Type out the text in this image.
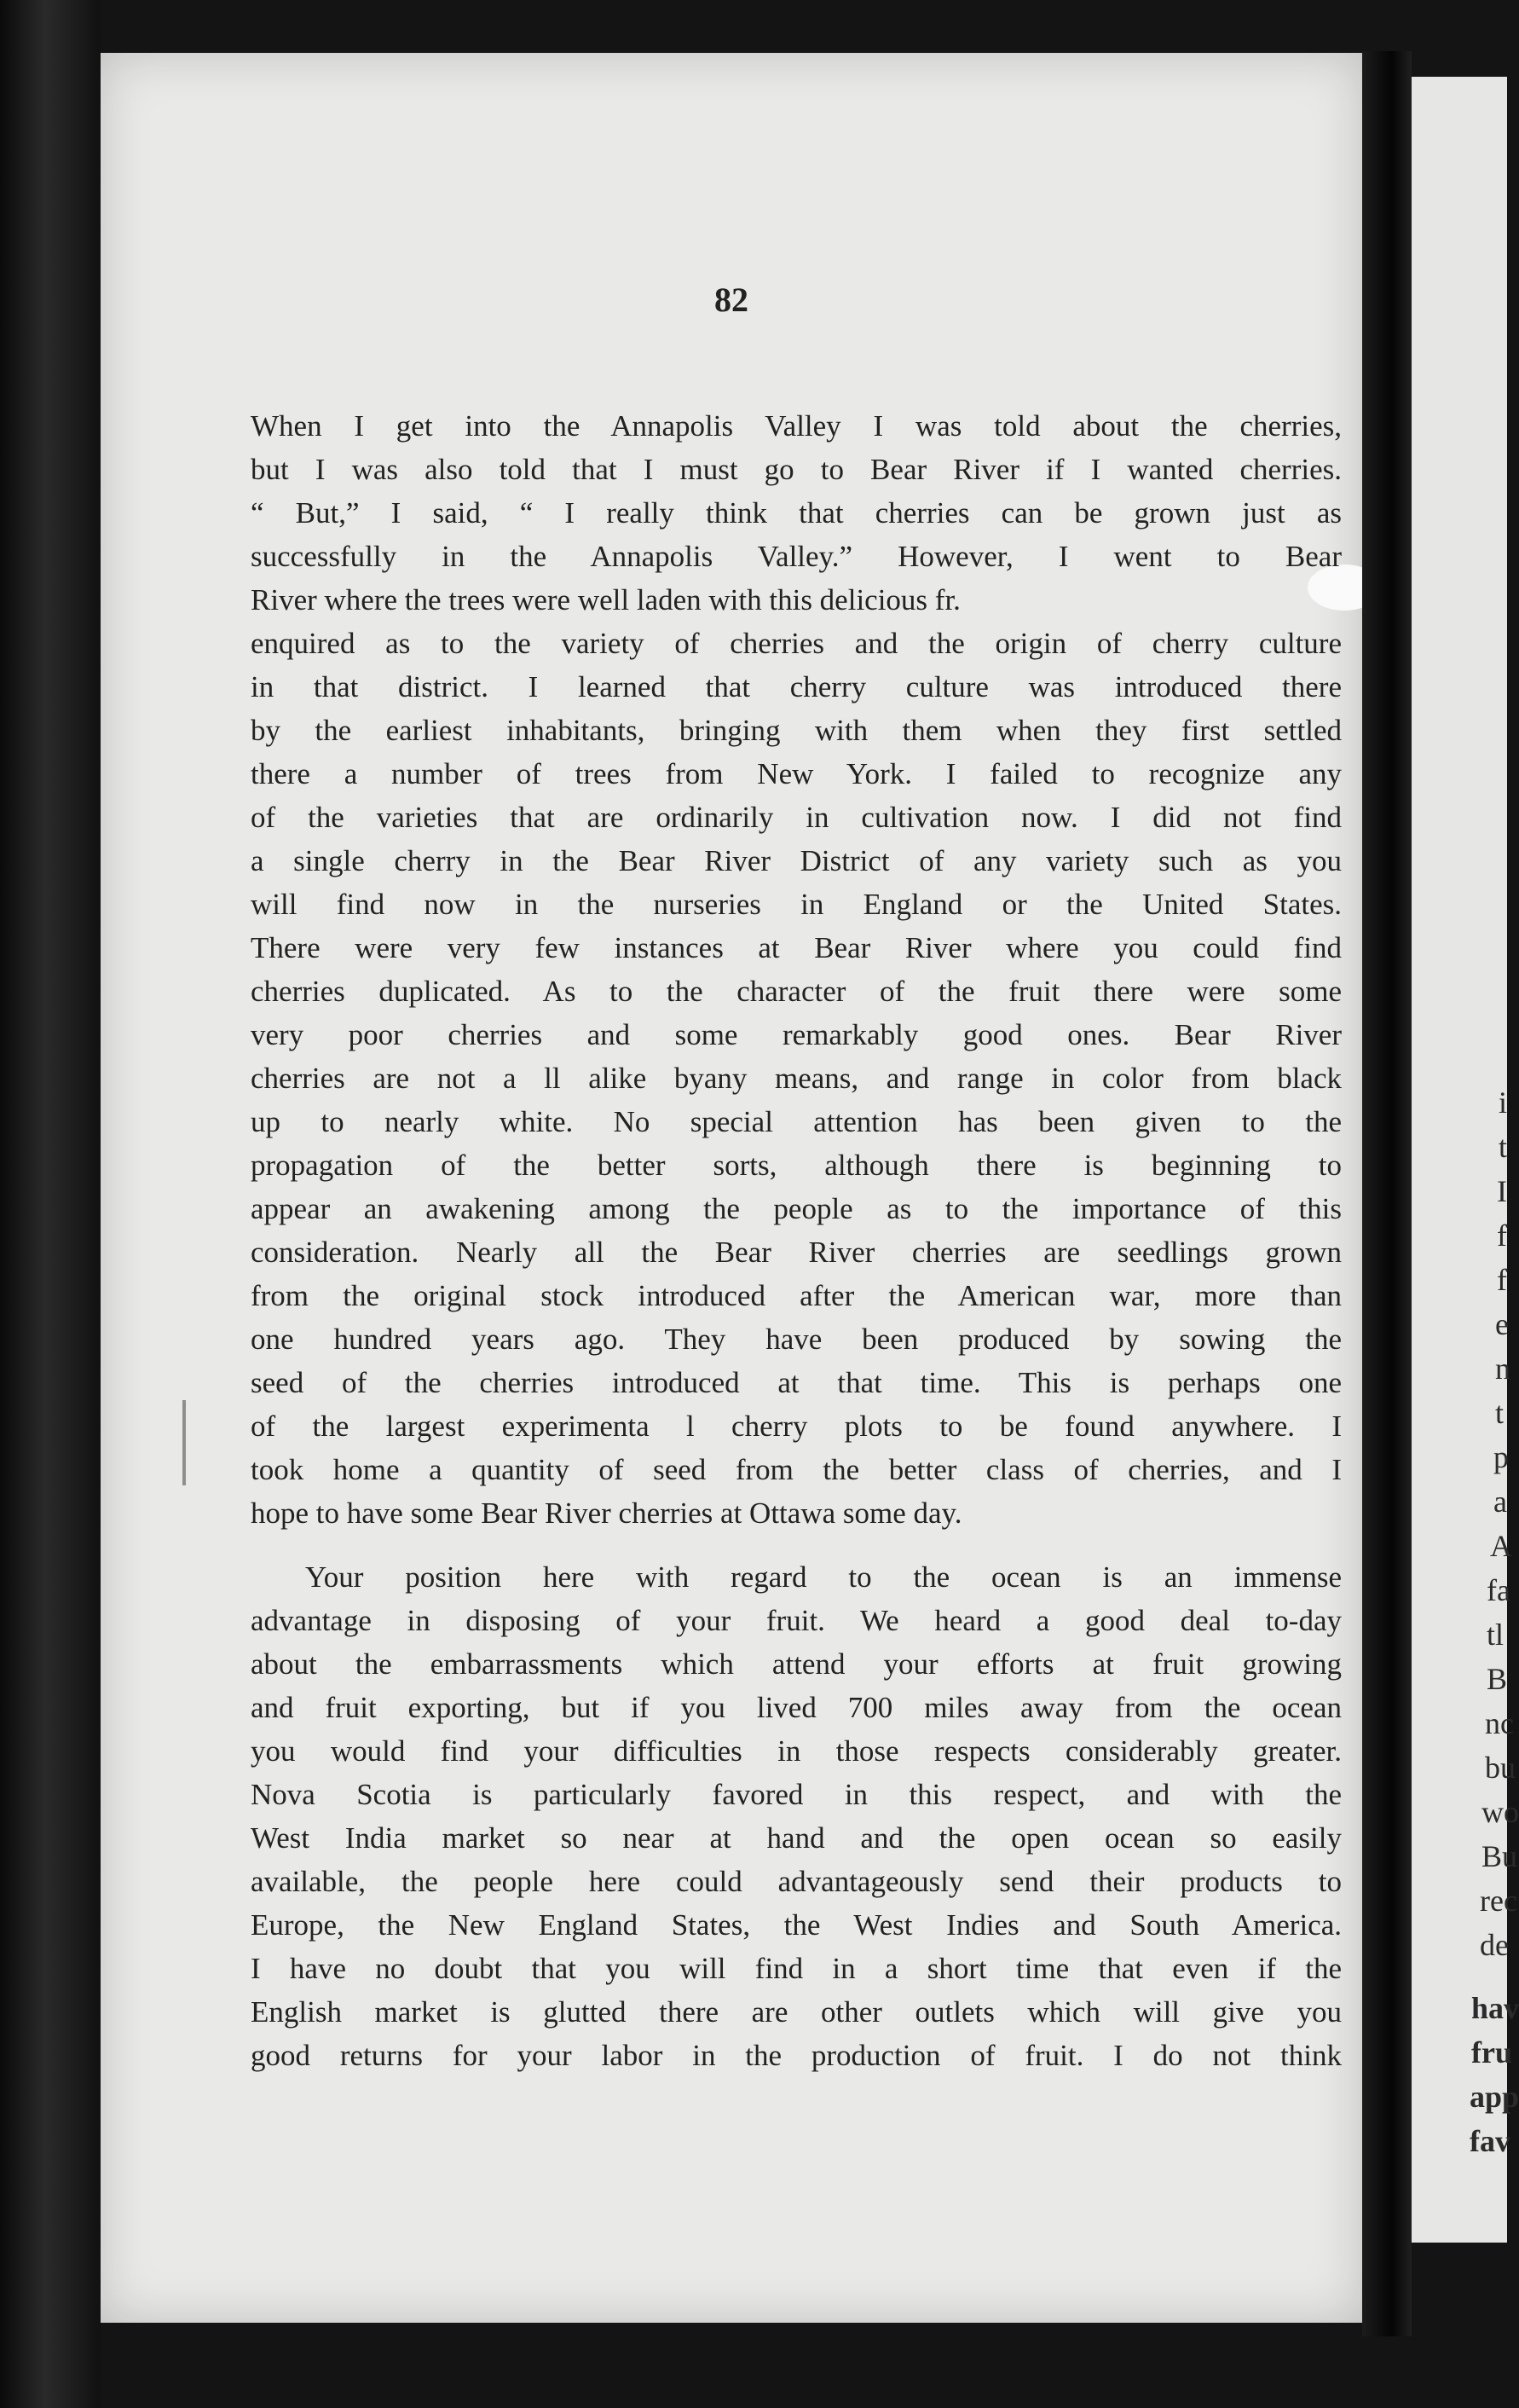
82
When I get into the Annapolis Valley I was told about the cherries,
but I was also told that I must go to Bear River if I wanted cherries.
“ But,” I said, “ I really think that cherries can be grown just as
successfully in the Annapolis Valley.” However, I went to Bear
River where the trees were well laden with this delicious fr.
enquired as to the variety of cherries and the origin of cherry culture
in that district. I learned that cherry culture was introduced there
by the earliest inhabitants, bringing with them when they first settled
there a number of trees from New York. I failed to recognize any
of the varieties that are ordinarily in cultivation now. I did not find
a single cherry in the Bear River District of any variety such as you
will find now in the nurseries in England or the United States.
There were very few instances at Bear River where you could find
cherries duplicated. As to the character of the fruit there were some
very poor cherries and some remarkably good ones. Bear River
cherries are not a ll alike byany means, and range in color from black
up to nearly white. No special attention has been given to the
propagation of the better sorts, although there is beginning to
appear an awakening among the people as to the importance of this
consideration. Nearly all the Bear River cherries are seedlings grown
from the original stock introduced after the American war, more than
one hundred years ago. They have been produced by sowing the
seed of the cherries introduced at that time. This is perhaps one
of the largest experimenta l cherry plots to be found anywhere. I
took home a quantity of seed from the better class of cherries, and I
hope to have some Bear River cherries at Ottawa some day.
Your position here with regard to the ocean is an immense
advantage in disposing of your fruit. We heard a good deal to-day
about the embarrassments which attend your efforts at fruit growing
and fruit exporting, but if you lived 700 miles away from the ocean
you would find your difficulties in those respects considerably greater.
Nova Scotia is particularly favored in this respect, and with the
West India market so near at hand and the open ocean so easily
available, the people here could advantageously send their products to
Europe, the New England States, the West Indies and South America.
I have no doubt that you will find in a short time that even if the
English market is glutted there are other outlets which will give you
good returns for your labor in the production of fruit. I do not think
i
t
I
f
f
e
n
t
p
a
A
fa
tl
B
nc
bu
wo
Bu
rec
de
hav
fru
app
fav
